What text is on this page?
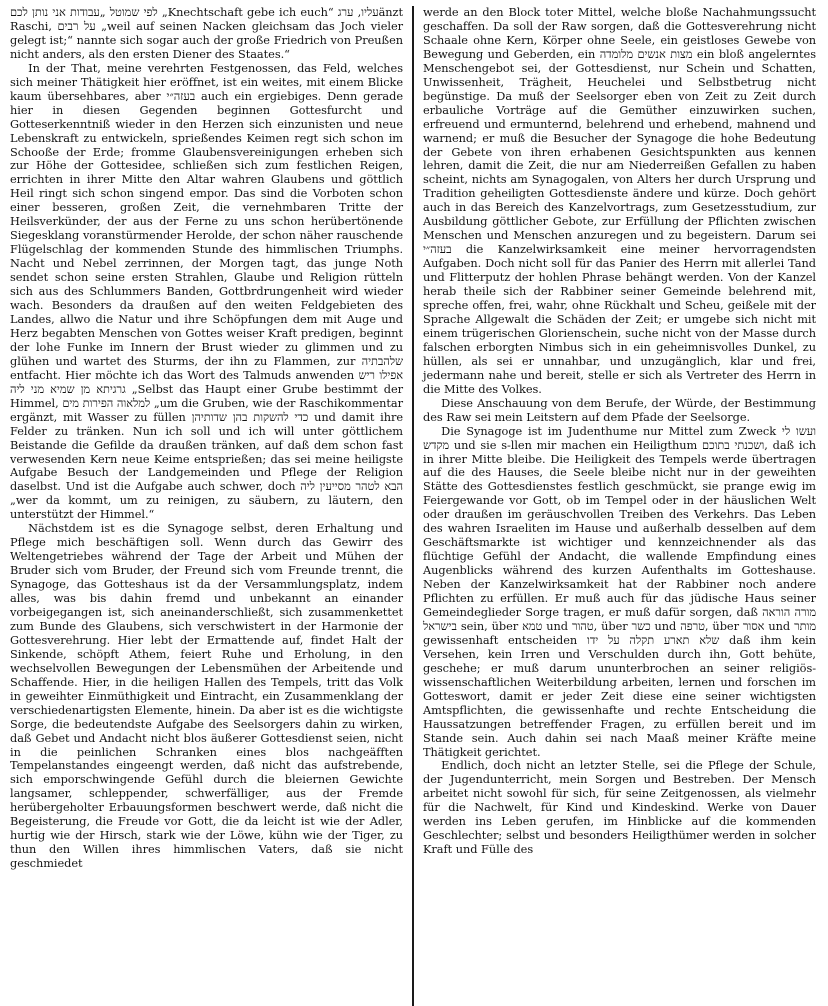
לפי שמוטל „עבודות אני נותן לכם „Knechtschaft gebe ich euch“ עליו, ערגänzt Raschi, על רבים „weil auf seinen Nacken gleichsam das Joch vieler gelegt ist;“ nannte sich sogar auch der große Friedrich von Preußen nicht anders, als den ersten Diener des Staates.“

In der That, meine verehrten Festgenossen, das Feld, welches sich meiner Thätigkeit hier eröffnet, ist ein weites, mit einem Blicke kaum übersehbares, aber בעזה״י auch ein ergiebiges. Denn gerade hier in diesen Gegenden beginnen Gottesfurcht und Gotteserkenntniß wieder in den Herzen sich einzunisten und neue Lebenskraft zu entwickeln, sprießendes Keimen regt sich schon im Schooße der Erde; fromme Glaubensvereinigungen erheben sich zur Höhe der Gottesidee, schließen sich zum festlichen Reigen, errichten in ihrer Mitte den Altar wahren Glaubens und göttlich Heil ringt sich schon singend empor. Das sind die Vorboten schon einer besseren, großen Zeit, die vernehmbaren Tritte der Heilsverkünder, der aus der Ferne zu uns schon herübertönende Siegesklang voranstürmender Herolde, der schon näher rauschende Flügelschlag der kommenden Stunde des himmlischen Triumphs. Nacht und Nebel zerrinnen, der Morgen tagt, das junge Noth sendet schon seine ersten Strahlen, Glaube und Religion rütteln sich aus des Schlummers Banden, Gottbrdrungenheit wird wieder wach. Besonders da draußen auf den weiten Feldgebieten des Landes, allwo die Natur und ihre Schöpfungen dem mit Auge und Herz begabten Menschen von Gottes weiser Kraft predigen, beginnt der lohe Funke im Innern der Brust wieder zu glimmen und zu glühen und wartet des Sturms, der ihn zu Flammen, zur שלהבתיה entfacht. Hier möchte ich das Wort des Talmuds anwenden אפילו ריש גרגיתא מן שמיא מני ליה „Selbst das Haupt einer Grube bestimmt der Himmel, למלאוה הפירות מים „um die Gruben, wie der Raschikommentar ergänzt, mit Wasser zu füllen כדי להשקות בהן שדותיהן und damit ihre Felder zu tränken. Nun ich soll und ich will unter göttlichem Beistande die Gefilde da draußen tränken, auf daß dem schon fast verwesenden Kern neue Keime entsprießen; das sei meine heiligste Aufgabe Besuch der Landgemeinden und Pflege der Religion daselbst. Und ist die Aufgabe auch schwer, doch הבא לטהר מסייעין ליה „wer da kommt, um zu reinigen, zu säubern, zu läutern, den unterstützt der Himmel.“

Nächstdem ist es die Synagoge selbst, deren Erhaltung und Pflege mich beschäftigen soll. Wenn durch das Gewirr des Weltengetriebes während der Tage der Arbeit und Mühen der Bruder sich vom Bruder, der Freund sich vom Freunde trennt, die Synagoge, das Gotteshaus ist da der Versammlungsplatz, indem alles, was bis dahin fremd und unbekannt an einander vorbeigegangen ist, sich aneinanderschließt, sich zusammenkettet zum Bunde des Glaubens, sich verschwistert in der Harmonie der Gottesverehrung. Hier lebt der Ermattende auf, findet Halt der Sinkende, schöpft Athem, feiert Ruhe und Erholung, in den wechselvollen Bewegungen der Lebensmühen der Arbeitende und Schaffende. Hier, in die heiligen Hallen des Tempels, tritt das Volk in geweihter Einmüthigkeit und Eintracht, ein Zusammenklang der verschiedenartigsten Elemente, hinein. Da aber ist es die wichtigste Sorge, die bedeutendste Aufgabe des Seelsorgers dahin zu wirken, daß Gebet und Andacht nicht blos äußerer Gottesdienst seien, nicht in die peinlichen Schranken eines blos nachgeäfften Tempelanstandes eingeengt werden, daß nicht das aufstrebende, sich emporschwingende Gefühl durch die bleiernen Gewichte langsamer, schleppender, schwerfälliger, aus der Fremde herübergeholter Erbauungsformen beschwert werde, daß nicht die Begeisterung, die Freude vor Gott, die da leicht ist wie der Adler, hurtig wie der Hirsch, stark wie der Löwe, kühn wie der Tiger, zu thun den Willen ihres himmlischen Vaters, daß sie nicht geschmiedet

werde an den Block toter Mittel, welche bloße Nachahmungssucht geschaffen. Da soll der Raw sorgen, daß die Gottesverehrung nicht Schaale ohne Kern, Körper ohne Seele, ein geistloses Gewebe von Bewegung und Geberden, ein מצות אנשים מלומדה ein bloß angelerntes Menschengebot sei, der Gottesdienst, nur Schein und Schatten, Unwissenheit, Trägheit, Heuchelei und Selbstbetrug nicht begünstige. Da muß der Seelsorger eben von Zeit zu Zeit durch erbauliche Vorträge auf die Gemüther einzuwirken suchen, erfreuend und ermunternd, belehrend und erhebend, mahnend und warnend; er muß die Besucher der Synagoge die hohe Bedeutung der Gebete von ihren erhabenen Gesichtspunkten aus kennen lehren, damit die Zeit, die nur am Niederreißen Gefallen zu haben scheint, nichts am Synagogalen, von Alters her durch Ursprung und Tradition geheiligten Gottesdienste ändere und kürze. Doch gehört auch in das Bereich des Kanzelvortrags, zum Gesetzesstudium, zur Ausbildung göttlicher Gebote, zur Erfüllung der Pflichten zwischen Menschen und Menschen anzuregen und zu begeistern. Darum sei בעזה״י die Kanzelwirksamkeit eine meiner hervorragendsten Aufgaben. Doch nicht soll für das Panier des Herrn mit allerlei Tand und Flitterputz der hohlen Phrase behängt werden. Von der Kanzel herab theile sich der Rabbiner seiner Gemeinde belehrend mit, spreche offen, frei, wahr, ohne Rückhalt und Scheu, geißele mit der Sprache Allgewalt die Schäden der Zeit; er umgebe sich nicht mit einem trügerischen Glorienschein, suche nicht von der Masse durch falschen erborgten Nimbus sich in ein geheimnisvolles Dunkel, zu hüllen, als sei er unnahbar, und unzugänglich, klar und frei, jedermann nahe und bereit, stelle er sich als Vertreter des Herrn in die Mitte des Volkes.

Diese Anschauung von dem Berufe, der Würde, der Bestimmung des Raw sei mein Leitstern auf dem Pfade der Seelsorge.

Die Synagoge ist im Judenthume nur Mittel zum Zweck ועשו לי מקדש und sie s-llen mir machen ein Heiligthum ושכנתי בתוכם, daß ich in ihrer Mitte bleibe. Die Heiligkeit des Tempels werde übertragen auf die des Hauses, die Seele bleibe nicht nur in der geweihten Stätte des Gottesdienstes festlich geschmückt, sie prange ewig im Feiergewande vor Gott, ob im Tempel oder in der häuslichen Welt oder draußen im geräuschvollen Treiben des Verkehrs. Das Leben des wahren Israeliten im Hause und außerhalb desselben auf dem Geschäftsmarkte ist wichtiger und kennzeichnender als das flüchtige Gefühl der Andacht, die wallende Empfindung eines Augenblicks während des kurzen Aufenthalts im Gotteshause. Neben der Kanzelwirksamkeit hat der Rabbiner noch andere Pflichten zu erfüllen. Er muß auch für das jüdische Haus seiner Gemeindeglieder Sorge tragen, er muß dafür sorgen, daß מורה הוראה בישראל sein, über טמא und טהור, über כשר und טרפה, über אסור und מותר gewissenhaft entscheiden שלא תארע תקלה על ידו daß ihm kein Versehen, kein Irren und Verschulden durch ihn, Gott behüte, geschehe; er muß darum ununterbrochen an seiner religiös-wissenschaftlichen Weiterbildung arbeiten, lernen und forschen im Gotteswort, damit er jeder Zeit diese eine seiner wichtigsten Amtspflichten, die gewissenhafte und rechte Entscheidung die Haussatzungen betreffender Fragen, zu erfüllen bereit und im Stande sein. Auch dahin sei nach Maaß meiner Kräfte meine Thätigkeit gerichtet.

Endlich, doch nicht an letzter Stelle, sei die Pflege der Schule, der Jugendunterricht, mein Sorgen und Bestreben. Der Mensch arbeitet nicht sowohl für sich, für seine Zeitgenossen, als vielmehr für die Nachwelt, für Kind und Kindeskind. Werke von Dauer werden ins Leben gerufen, im Hinblicke auf die kommenden Geschlechter; selbst und besonders Heiligthümer werden in solcher Kraft und Fülle des
